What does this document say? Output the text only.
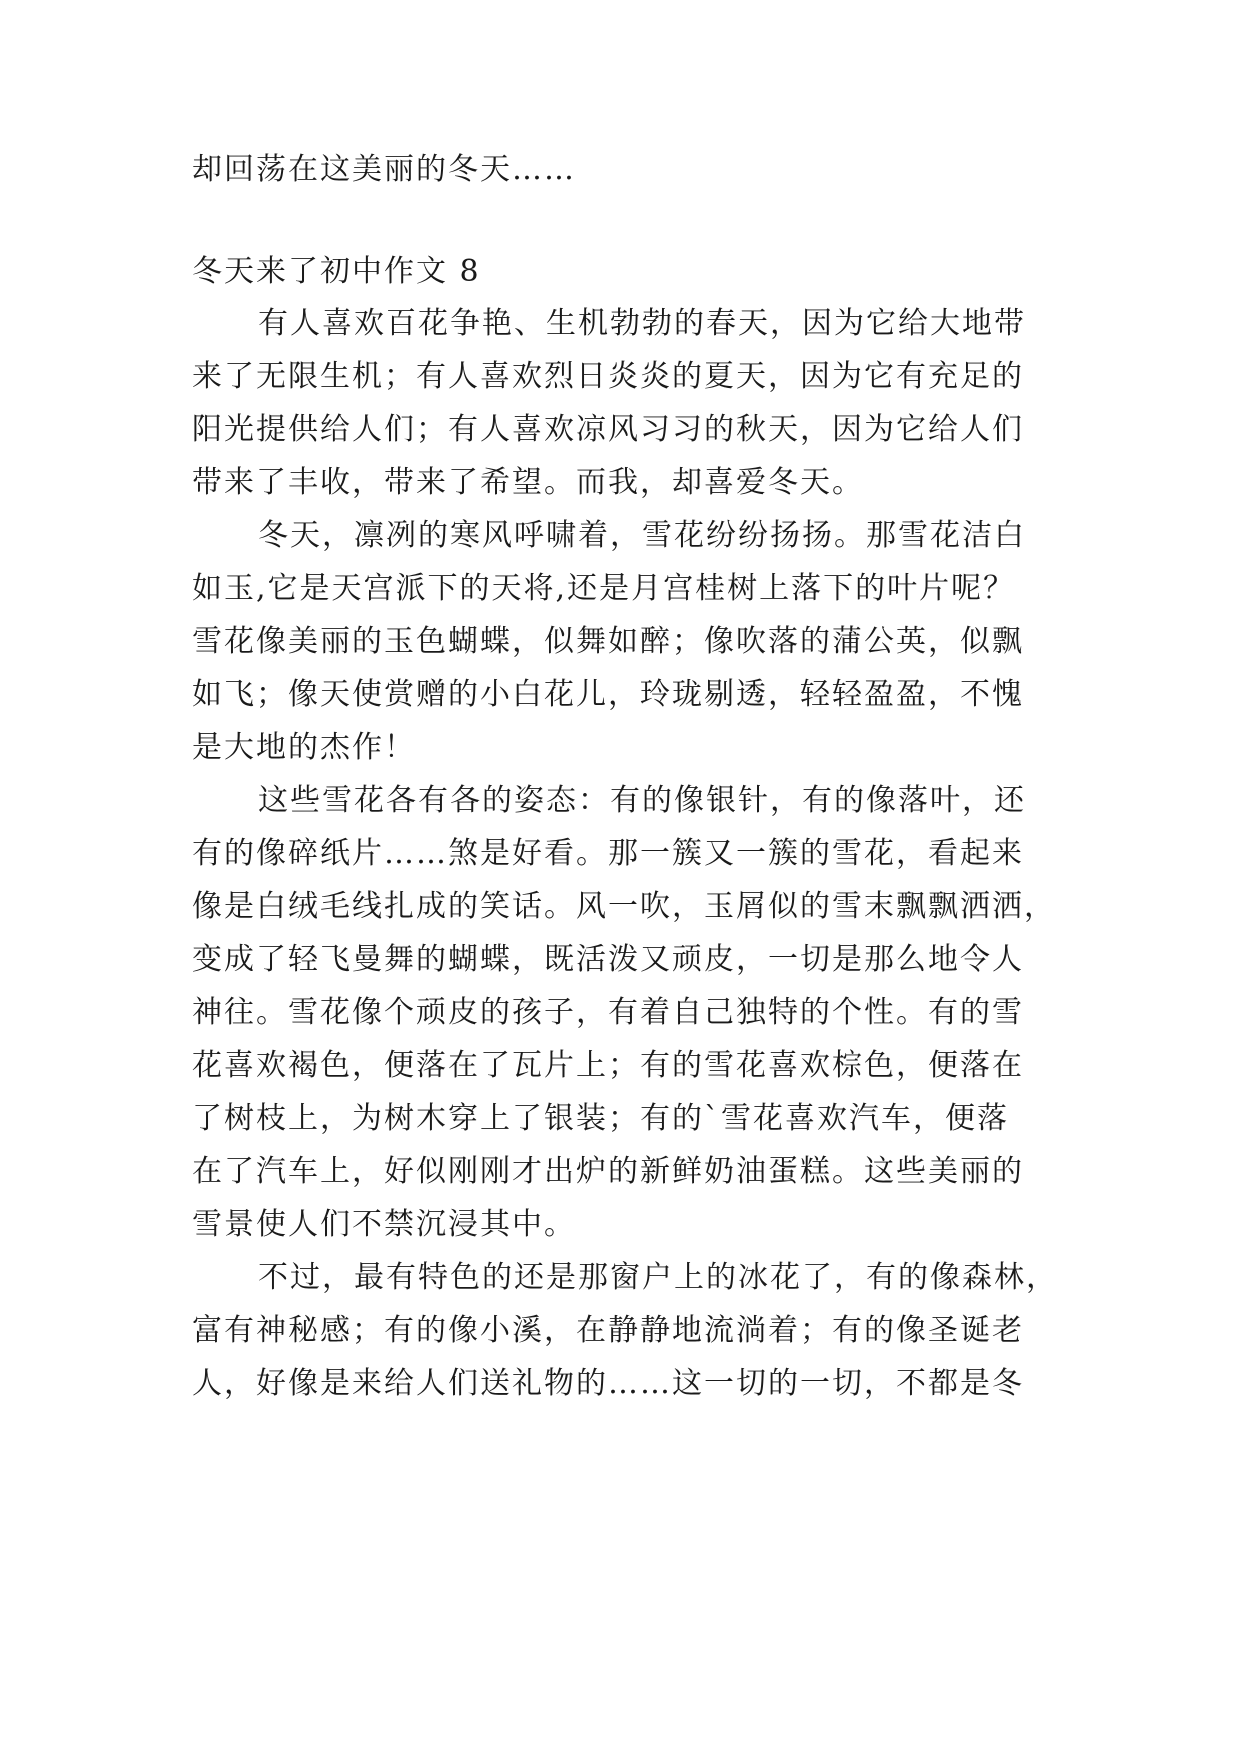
却回荡在这美丽的冬天……
冬天来了初中作文 8
有人喜欢百花争艳、生机勃勃的春天，因为它给大地带
来了无限生机；有人喜欢烈日炎炎的夏天，因为它有充足的
阳光提供给人们；有人喜欢凉风习习的秋天，因为它给人们
带来了丰收，带来了希望。而我，却喜爱冬天。
冬天，凛冽的寒风呼啸着，雪花纷纷扬扬。那雪花洁白
如玉,它是天宫派下的天将,还是月宫桂树上落下的叶片呢？
雪花像美丽的玉色蝴蝶，似舞如醉；像吹落的蒲公英，似飘
如飞；像天使赏赠的小白花儿，玲珑剔透，轻轻盈盈，不愧
是大地的杰作！
这些雪花各有各的姿态：有的像银针，有的像落叶，还
有的像碎纸片……煞是好看。那一簇又一簇的雪花，看起来
像是白绒毛线扎成的笑话。风一吹，玉屑似的雪末飘飘洒洒，
变成了轻飞曼舞的蝴蝶，既活泼又顽皮，一切是那么地令人
神往。雪花像个顽皮的孩子，有着自己独特的个性。有的雪
花喜欢褐色，便落在了瓦片上；有的雪花喜欢棕色，便落在
了树枝上，为树木穿上了银装；有的`雪花喜欢汽车，便落
在了汽车上，好似刚刚才出炉的新鲜奶油蛋糕。这些美丽的
雪景使人们不禁沉浸其中。
不过，最有特色的还是那窗户上的冰花了，有的像森林，
富有神秘感；有的像小溪，在静静地流淌着；有的像圣诞老
人，好像是来给人们送礼物的……这一切的一切，不都是冬
